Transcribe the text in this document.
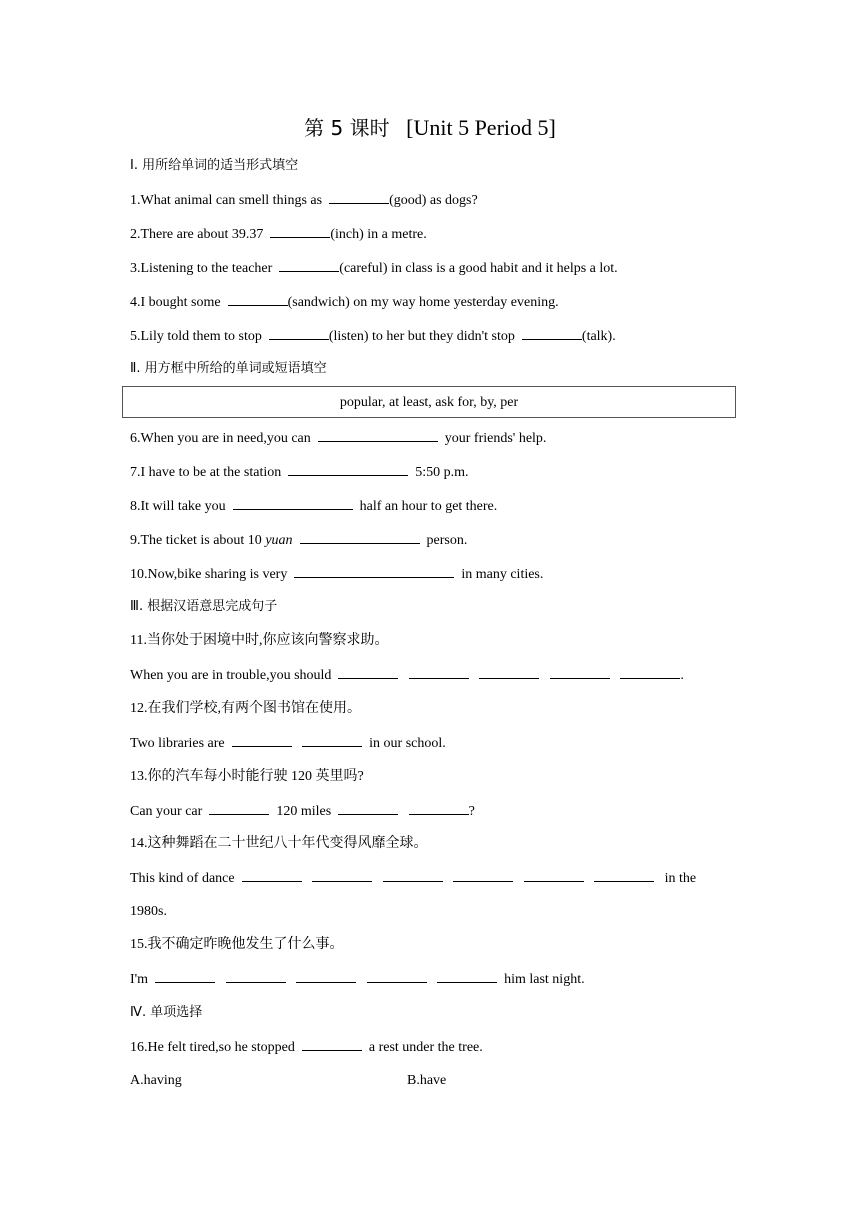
第 5 课时 [Unit 5 Period 5]
Ⅰ. 用所给单词的适当形式填空
1.What animal can smell things as	(good) as dogs?
2.There are about 39.37	(inch) in a metre.
3.Listening to the teacher	(careful) in class is a good habit and it helps a lot.
4.I bought some	(sandwich) on my way home yesterday evening.
5.Lily told them to stop	(listen) to her but they didn't stop	(talk).
Ⅱ. 用方框中所给的单词或短语填空
popular, at least, ask for, by, per
6.When you are in need,you can	your friends' help.
7.I have to be at the station	5:50 p.m.
8.It will take you	half an hour to get there.
9.The ticket is about 10 yuan	person.
10.Now,bike sharing is very	in many cities.
Ⅲ. 根据汉语意思完成句子
11.当你处于困境中时,你应该向警察求助。
When you are in trouble,you should	.
12.在我们学校,有两个图书馆在使用。
Two libraries are	in our school.
13.你的汽车每小时能行驶 120 英里吗?
Can your car	120 miles	?
14.这种舞蹈在二十世纪八十年代变得风靡全球。
This kind of dance	in the
1980s.
15.我不确定昨晚他发生了什么事。
I'm	him last night.
Ⅳ. 单项选择
16.He felt tired,so he stopped	a rest under the tree.
A.having	B.have
